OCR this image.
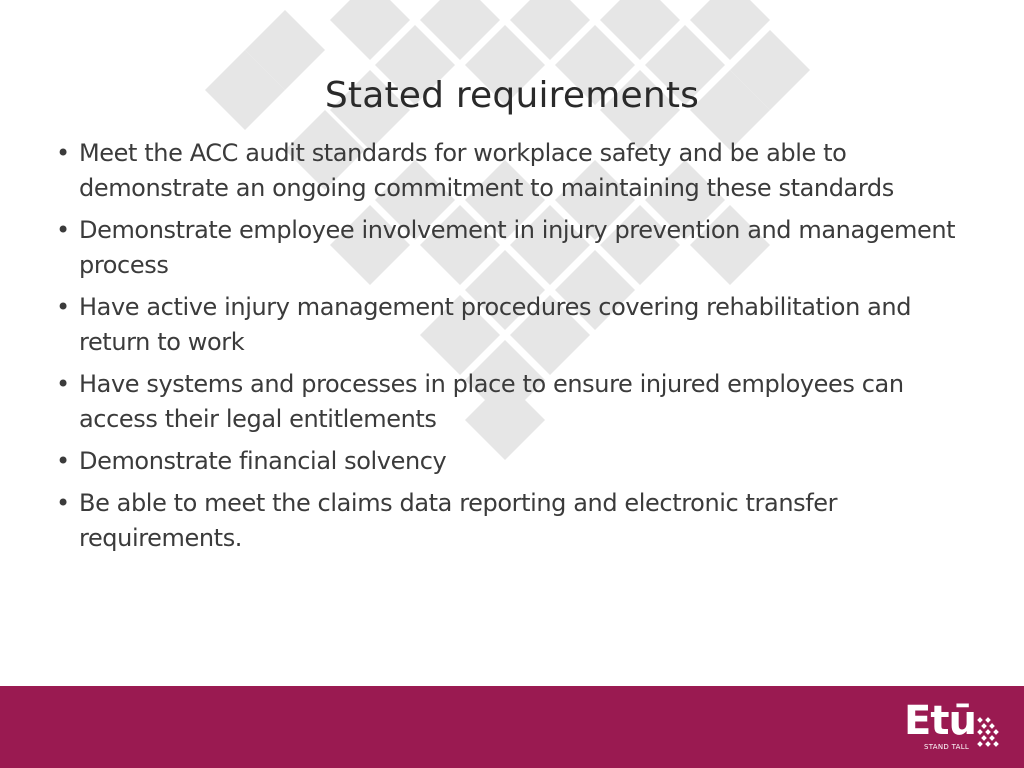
Stated requirements
• Meet the ACC audit standards for workplace safety and be able to demonstrate an ongoing commitment to maintaining these standards
• Demonstrate employee involvement in injury prevention and management process
• Have active injury management procedures covering rehabilitation and return to work
• Have systems and processes in place to ensure injured employees can access their legal entitlements
• Demonstrate financial solvency
• Be able to meet the claims data reporting and electronic transfer requirements.
Etū
STAND TALL
